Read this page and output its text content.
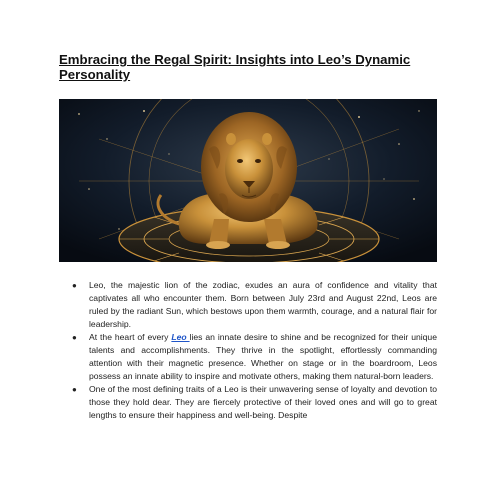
Embracing the Regal Spirit: Insights into Leo’s Dynamic Personality
● Leo, the majestic lion of the zodiac, exudes an aura of confidence and vitality that captivates all who encounter them. Born between July 23rd and August 22nd, Leos are ruled by the radiant Sun, which bestows upon them warmth, courage, and a natural flair for leadership.
● At the heart of every Leo lies an innate desire to shine and be recognized for their unique talents and accomplishments. They thrive in the spotlight, effortlessly commanding attention with their magnetic presence. Whether on stage or in the boardroom, Leos possess an innate ability to inspire and motivate others, making them natural-born leaders.
● One of the most defining traits of a Leo is their unwavering sense of loyalty and devotion to those they hold dear. They are fiercely protective of their loved ones and will go to great lengths to ensure their happiness and well-being. Despite
